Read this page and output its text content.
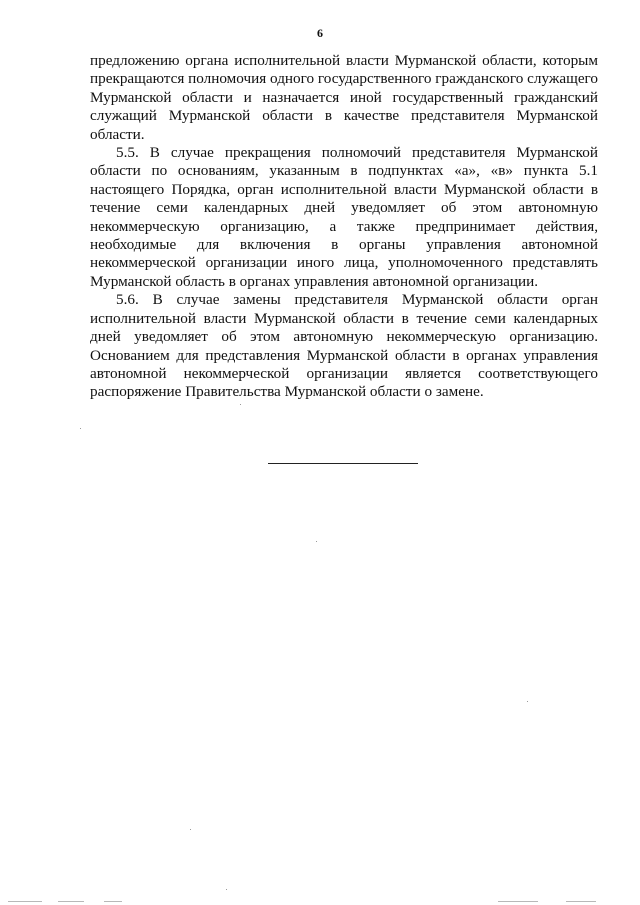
6

предложению органа исполнительной власти Мурманской области, которым прекращаются полномочия одного государственного гражданского служащего Мурманской области и назначается иной государственный гражданский служащий Мурманской области в качестве представителя Мурманской области.

5.5. В случае прекращения полномочий представителя Мурманской области по основаниям, указанным в подпунктах «а», «в» пункта 5.1 настоящего Порядка, орган исполнительной власти Мурманской области в течение семи календарных дней уведомляет об этом автономную некоммерческую организацию, а также предпринимает действия, необходимые для включения в органы управления автономной некоммерческой организации иного лица, уполномоченного представлять Мурманской область в органах управления автономной организации.

5.6. В случае замены представителя Мурманской области орган исполнительной власти Мурманской области в течение семи календарных дней уведомляет об этом автономную некоммерческую организацию. Основанием для представления Мурманской области в органах управления автономной некоммерческой организации является соответствующего распоряжение Правительства Мурманской области о замене.
